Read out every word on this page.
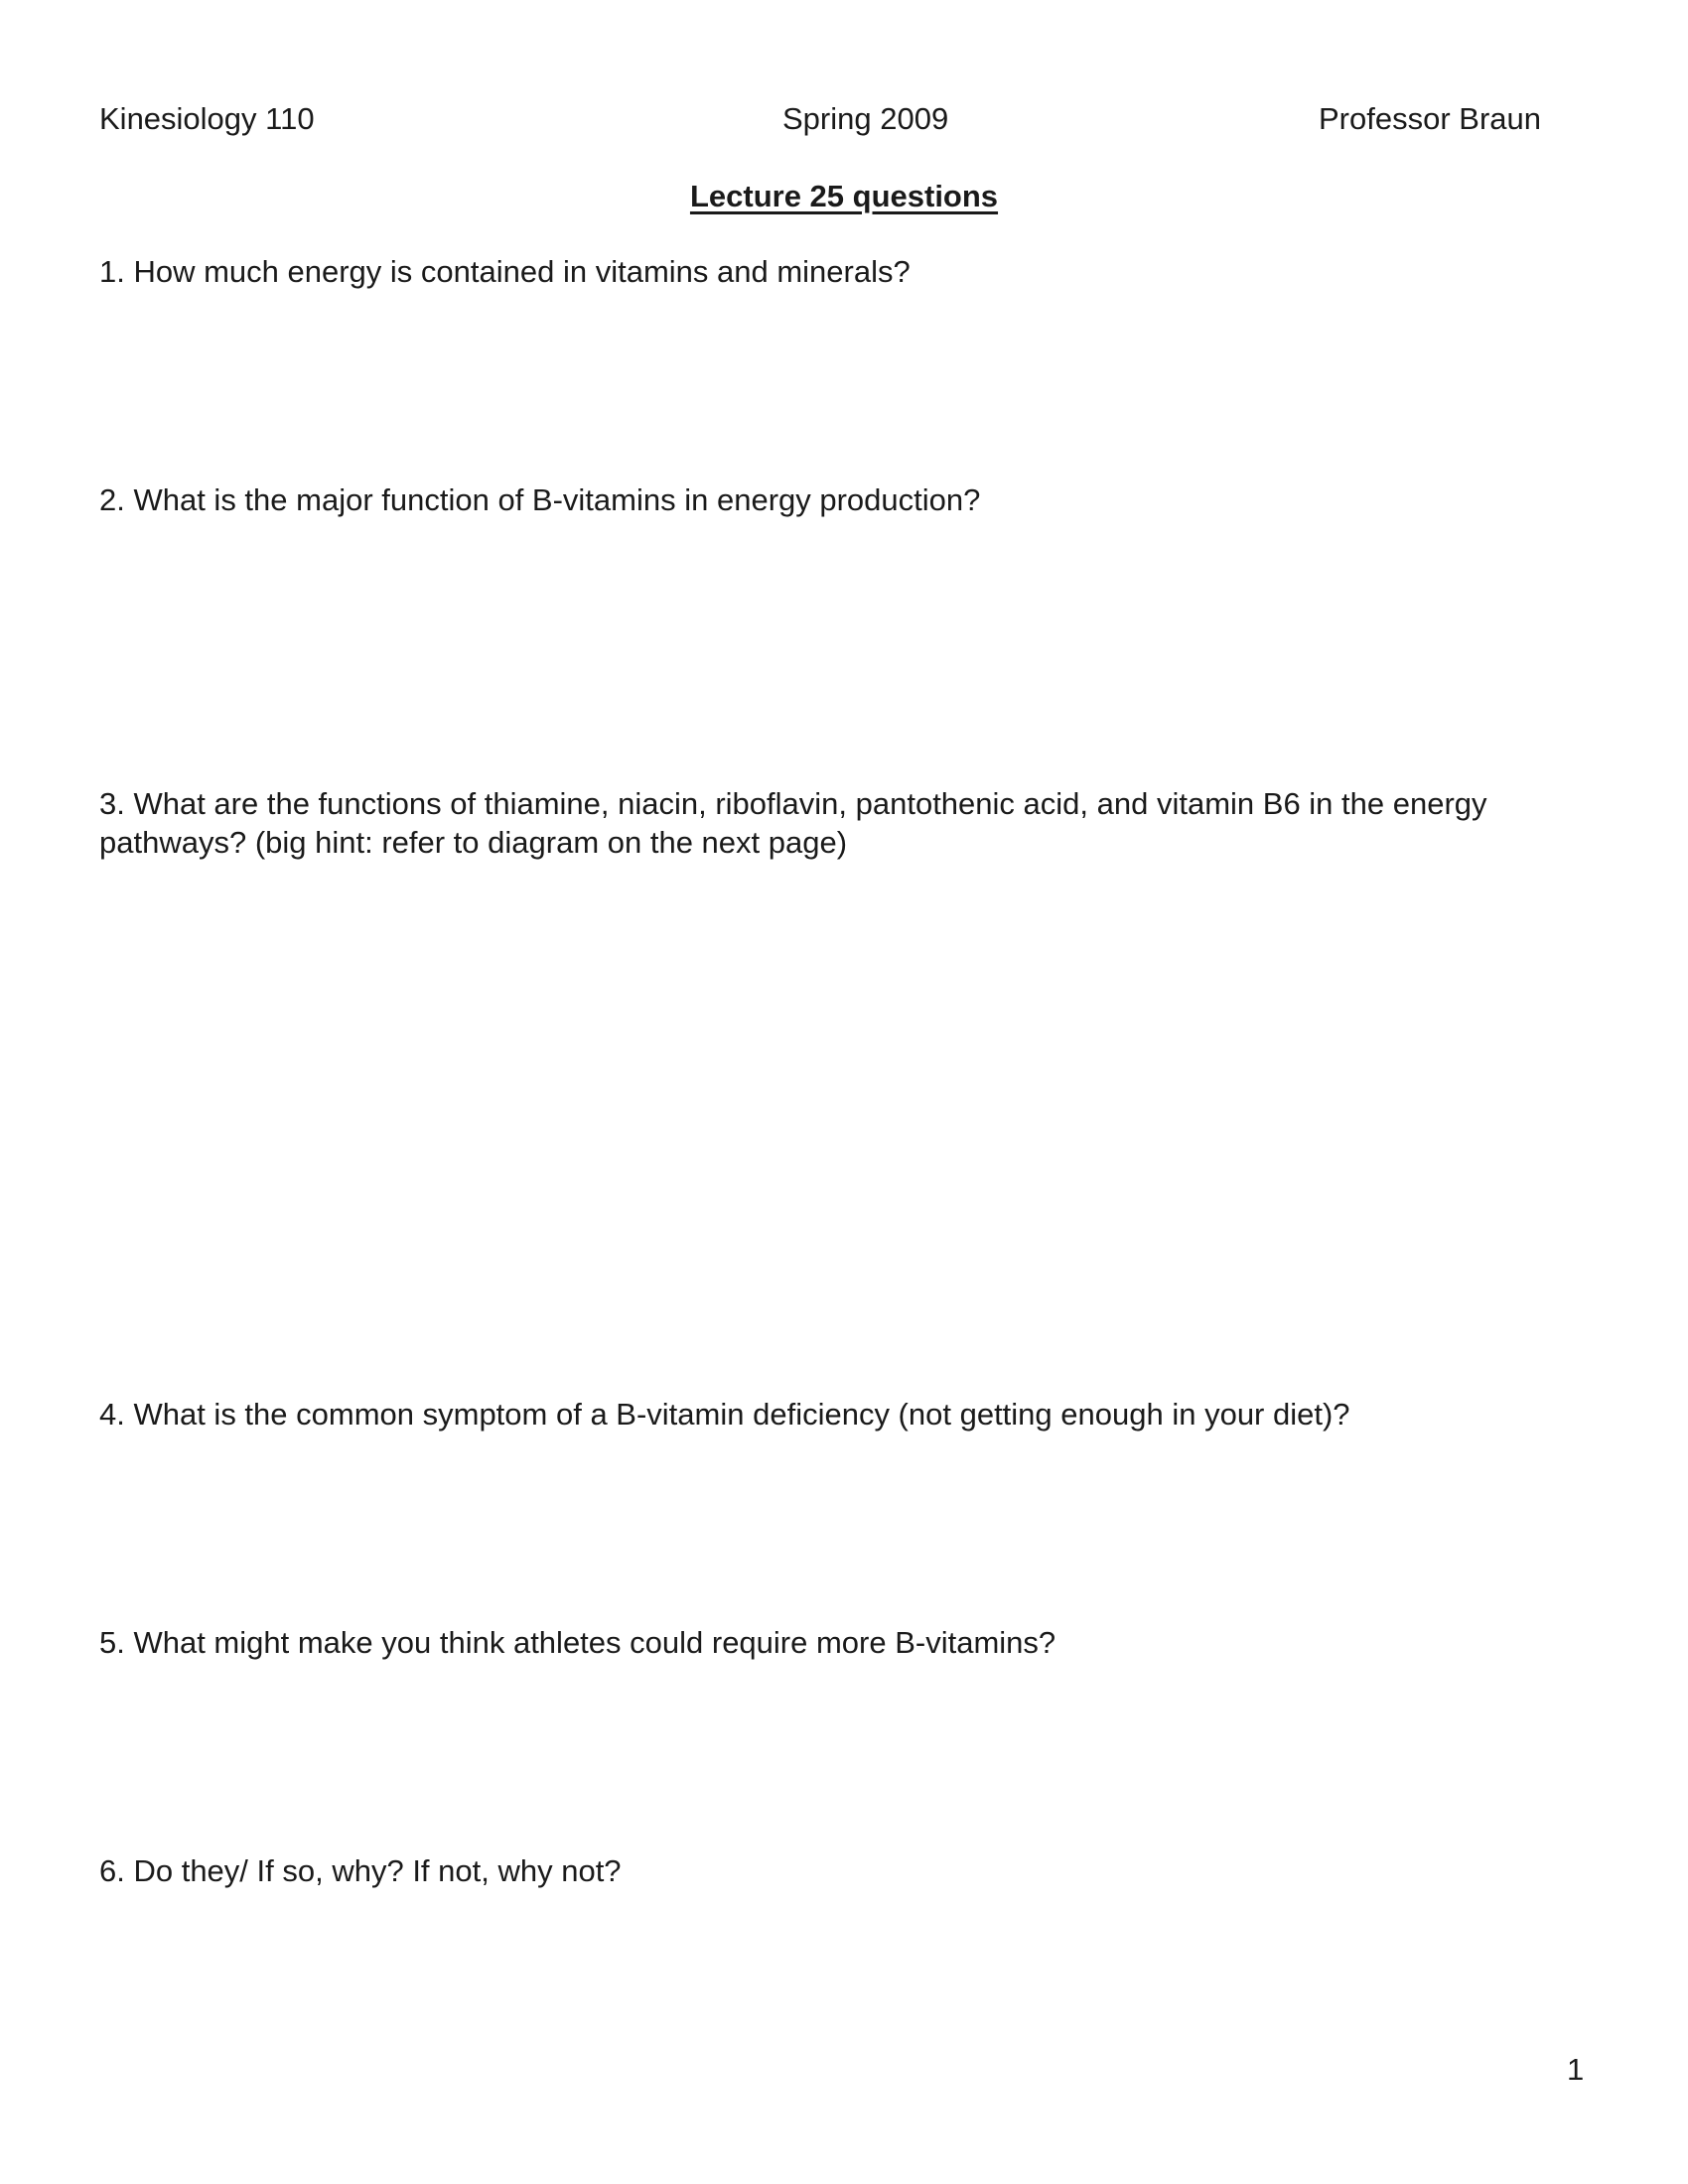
Kinesiology 110	Spring 2009	Professor Braun
Lecture 25 questions

1. How much energy is contained in vitamins and minerals?

2. What is the major function of B-vitamins in energy production?

3. What are the functions of thiamine, niacin, riboflavin, pantothenic acid, and vitamin B6 in the energy pathways? (big hint: refer to diagram on the next page)

4. What is the common symptom of a B-vitamin deficiency (not getting enough in your diet)?

5. What might make you think athletes could require more B-vitamins?

6. Do they/ If so, why? If not, why not?

1
